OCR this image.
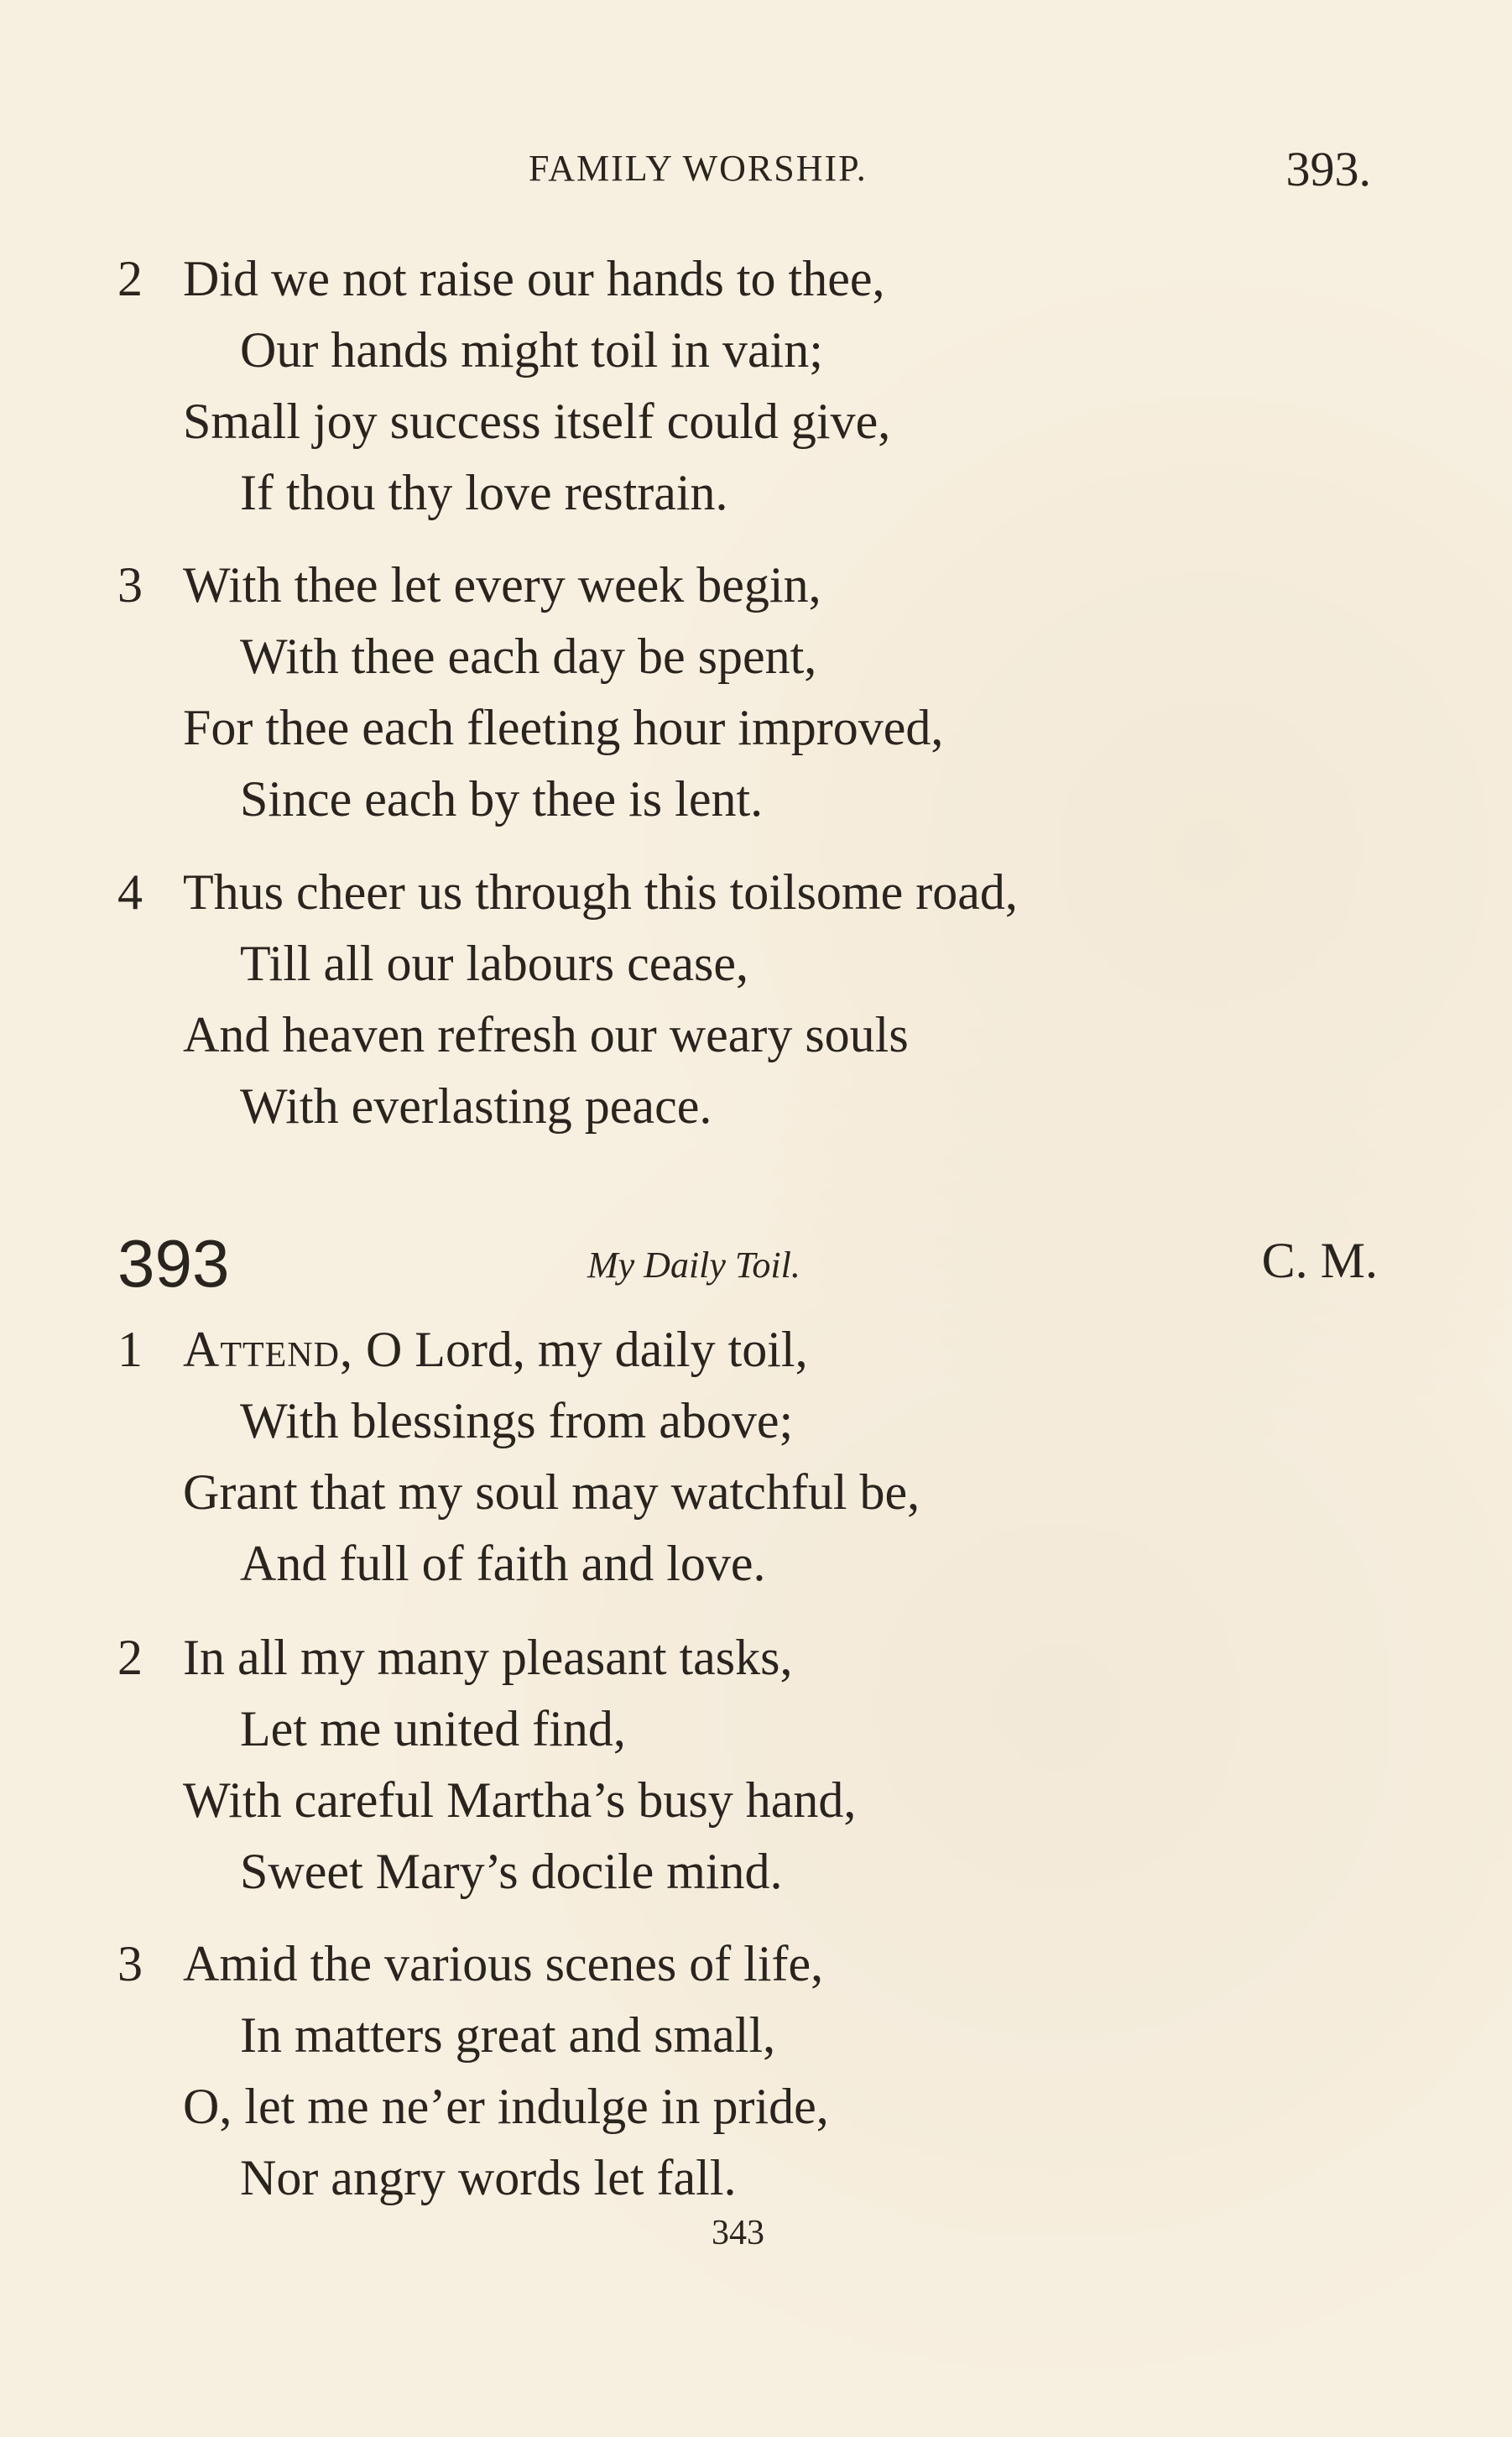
FAMILY WORSHIP.	393.
2 Did we not raise our hands to thee,
Our hands might toil in vain;
Small joy success itself could give,
If thou thy love restrain.
3 With thee let every week begin,
With thee each day be spent,
For thee each fleeting hour improved,
Since each by thee is lent.
4 Thus cheer us through this toilsome road,
Till all our labours cease,
And heaven refresh our weary souls
With everlasting peace.
393	My Daily Toil.	C. M.
1 Attend, O Lord, my daily toil,
With blessings from above;
Grant that my soul may watchful be,
And full of faith and love.
2 In all my many pleasant tasks,
Let me united find,
With careful Martha’s busy hand,
Sweet Mary’s docile mind.
3 Amid the various scenes of life,
In matters great and small,
O, let me ne’er indulge in pride,
Nor angry words let fall.
343
